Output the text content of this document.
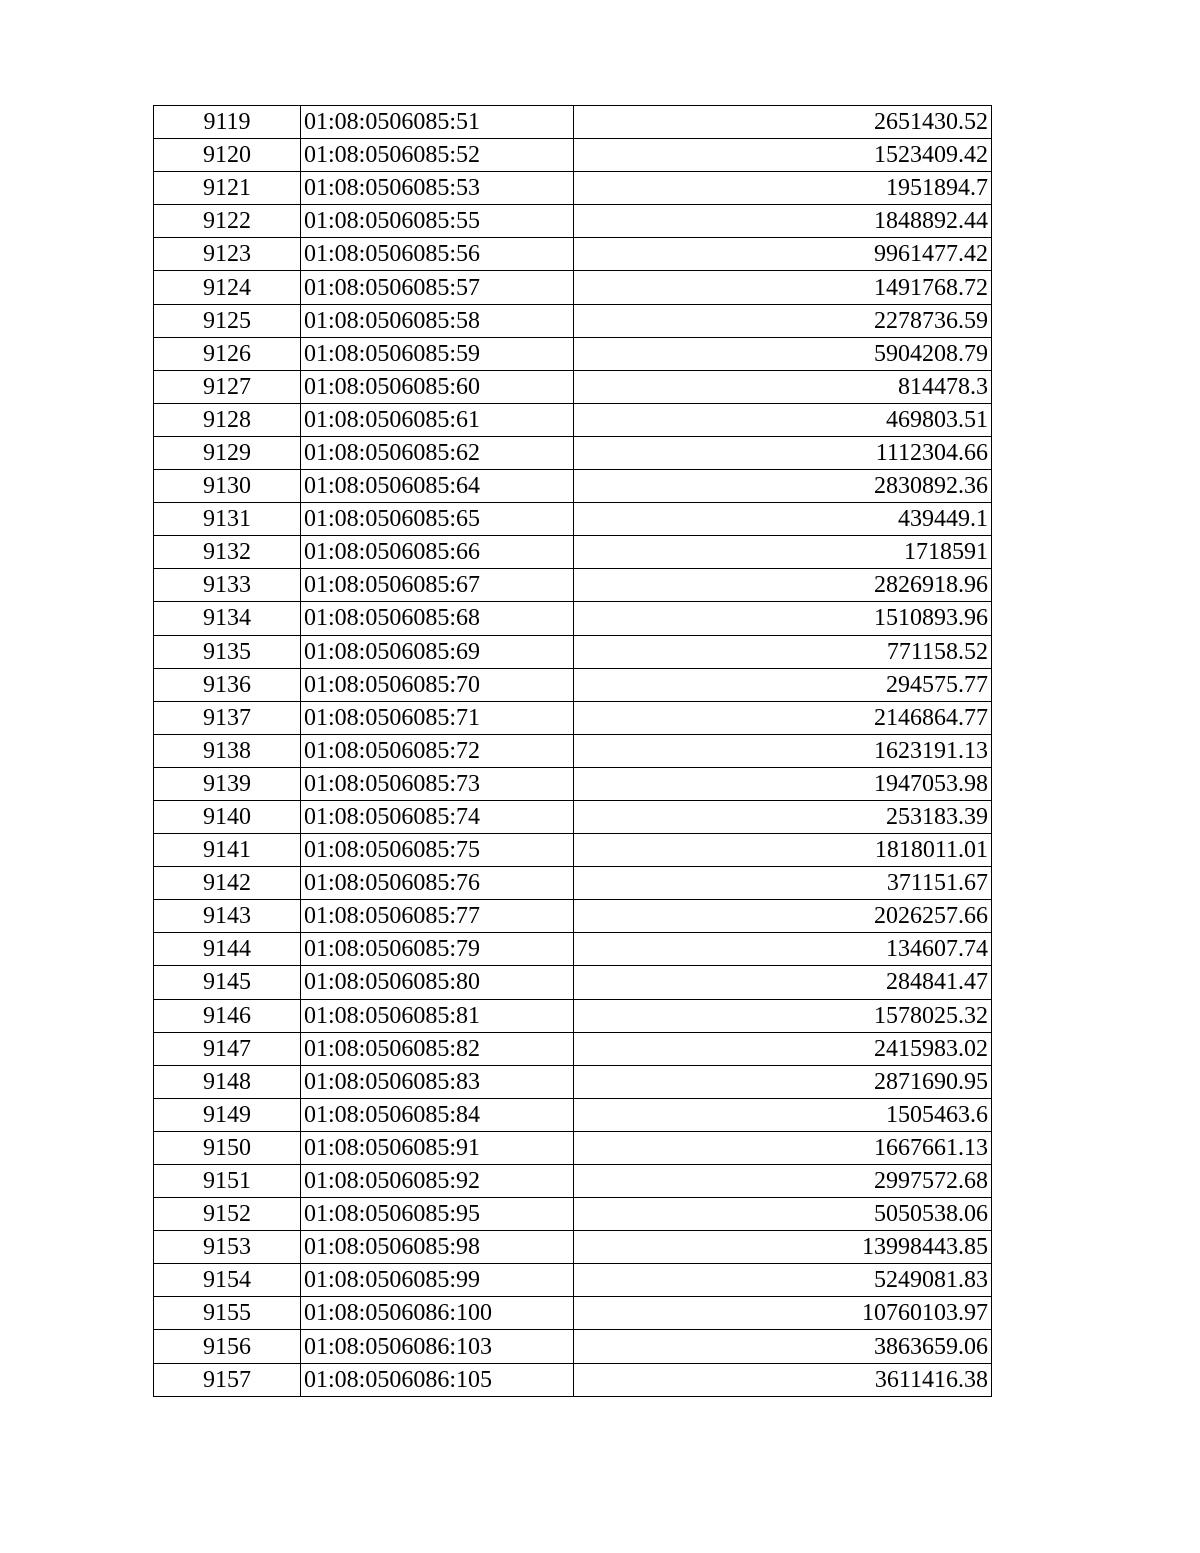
9119	01:08:0506085:51	2651430.52
9120	01:08:0506085:52	1523409.42
9121	01:08:0506085:53	1951894.7
9122	01:08:0506085:55	1848892.44
9123	01:08:0506085:56	9961477.42
9124	01:08:0506085:57	1491768.72
9125	01:08:0506085:58	2278736.59
9126	01:08:0506085:59	5904208.79
9127	01:08:0506085:60	814478.3
9128	01:08:0506085:61	469803.51
9129	01:08:0506085:62	1112304.66
9130	01:08:0506085:64	2830892.36
9131	01:08:0506085:65	439449.1
9132	01:08:0506085:66	1718591
9133	01:08:0506085:67	2826918.96
9134	01:08:0506085:68	1510893.96
9135	01:08:0506085:69	771158.52
9136	01:08:0506085:70	294575.77
9137	01:08:0506085:71	2146864.77
9138	01:08:0506085:72	1623191.13
9139	01:08:0506085:73	1947053.98
9140	01:08:0506085:74	253183.39
9141	01:08:0506085:75	1818011.01
9142	01:08:0506085:76	371151.67
9143	01:08:0506085:77	2026257.66
9144	01:08:0506085:79	134607.74
9145	01:08:0506085:80	284841.47
9146	01:08:0506085:81	1578025.32
9147	01:08:0506085:82	2415983.02
9148	01:08:0506085:83	2871690.95
9149	01:08:0506085:84	1505463.6
9150	01:08:0506085:91	1667661.13
9151	01:08:0506085:92	2997572.68
9152	01:08:0506085:95	5050538.06
9153	01:08:0506085:98	13998443.85
9154	01:08:0506085:99	5249081.83
9155	01:08:0506086:100	10760103.97
9156	01:08:0506086:103	3863659.06
9157	01:08:0506086:105	3611416.38
